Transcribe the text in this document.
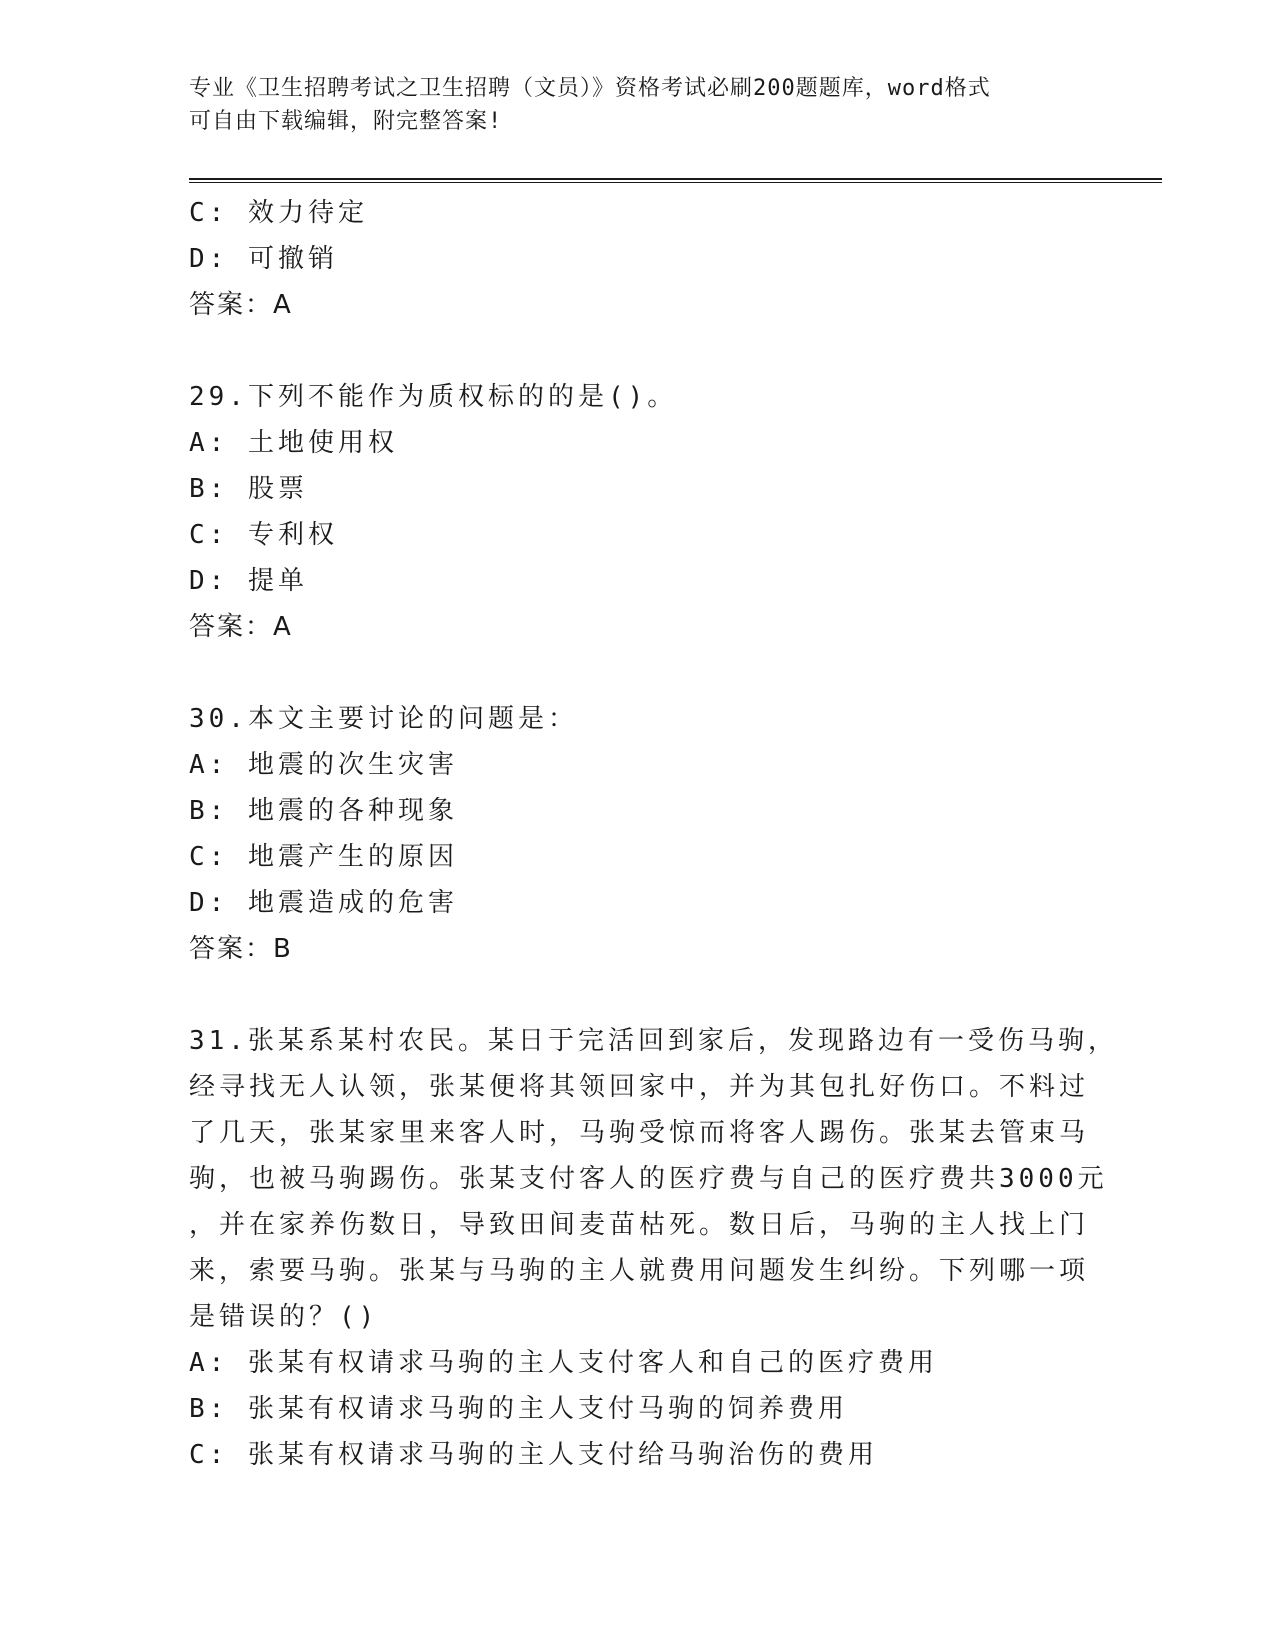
专业《卫生招聘考试之卫生招聘（文员）》资格考试必刷200题题库，word格式
可自由下载编辑，附完整答案!
C: 效力待定
D: 可撤销
答案：A
29.下列不能作为质权标的的是()。
A: 土地使用权
B: 股票
C: 专利权
D: 提单
答案：A
30.本文主要讨论的问题是：
A: 地震的次生灾害
B: 地震的各种现象
C: 地震产生的原因
D: 地震造成的危害
答案：B
31.张某系某村农民。某日于完活回到家后，发现路边有一受伤马驹，
经寻找无人认领，张某便将其领回家中，并为其包扎好伤口。不料过
了几天，张某家里来客人时，马驹受惊而将客人踢伤。张某去管束马
驹，也被马驹踢伤。张某支付客人的医疗费与自己的医疗费共3000元
，并在家养伤数日，导致田间麦苗枯死。数日后，马驹的主人找上门
来，索要马驹。张某与马驹的主人就费用问题发生纠纷。下列哪一项
是错误的？()
A: 张某有权请求马驹的主人支付客人和自己的医疗费用
B: 张某有权请求马驹的主人支付马驹的饲养费用
C: 张某有权请求马驹的主人支付给马驹治伤的费用
